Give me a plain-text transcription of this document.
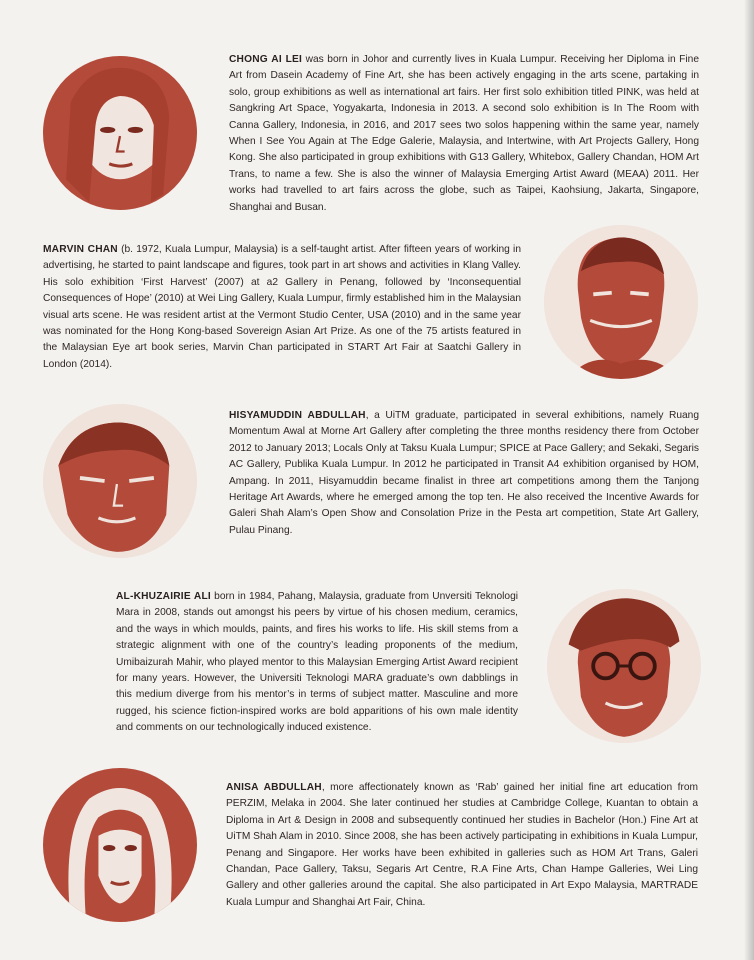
CHONG AI LEI was born in Johor and currently lives in Kuala Lumpur. Receiving her Diploma in Fine Art from Dasein Academy of Fine Art, she has been actively engaging in the arts scene, partaking in solo, group exhibitions as well as international art fairs. Her first solo exhibition titled PINK, was held at Sangkring Art Space, Yogyakarta, Indonesia in 2013. A second solo exhibition is In The Room with Canna Gallery, Indonesia, in 2016, and 2017 sees two solos happening within the same year, namely When I See You Again at The Edge Galerie, Malaysia, and Intertwine, with Art Projects Gallery, Hong Kong. She also participated in group exhibitions with G13 Gallery, Whitebox, Gallery Chandan, HOM Art Trans, to name a few. She is also the winner of Malaysia Emerging Artist Award (MEAA) 2011. Her works had travelled to art fairs across the globe, such as Taipei, Kaohsiung, Jakarta, Singapore, Shanghai and Busan.
MARVIN CHAN (b. 1972, Kuala Lumpur, Malaysia) is a self-taught artist. After fifteen years of working in advertising, he started to paint landscape and figures, took part in art shows and activities in Klang Valley. His solo exhibition ‘First Harvest’ (2007) at a2 Gallery in Penang, followed by ‘Inconsequential Consequences of Hope’ (2010) at Wei Ling Gallery, Kuala Lumpur, firmly established him in the Malaysian visual arts scene. He was resident artist at the Vermont Studio Center, USA (2010) and in the same year was nominated for the Hong Kong-based Sovereign Asian Art Prize. As one of the 75 artists featured in the Malaysian Eye art book series, Marvin Chan participated in START Art Fair at Saatchi Gallery in London (2014).
HISYAMUDDIN ABDULLAH, a UiTM graduate, participated in several exhibitions, namely Ruang Momentum Awal at Morne Art Gallery after completing the three months residency there from October 2012 to January 2013; Locals Only at Taksu Kuala Lumpur; SPICE at Pace Gallery; and Sekaki, Segaris AC Gallery, Publika Kuala Lumpur. In 2012 he participated in Transit A4 exhibition organised by HOM, Ampang. In 2011, Hisyamuddin became finalist in three art competitions among them the Tanjong Heritage Art Awards, where he emerged among the top ten. He also received the Incentive Awards for Galeri Shah Alam’s Open Show and Consolation Prize in the Pesta art competition, State Art Gallery, Pulau Pinang.
AL-KHUZAIRIE ALI born in 1984, Pahang, Malaysia, graduate from Unversiti Teknologi Mara in 2008, stands out amongst his peers by virtue of his chosen medium, ceramics, and the ways in which moulds, paints, and fires his works to life. His skill stems from a strategic alignment with one of the country’s leading proponents of the medium, Umibaizurah Mahir, who played mentor to this Malaysian Emerging Artist Award recipient for many years. However, the Universiti Teknologi MARA graduate’s own dabblings in this medium diverge from his mentor’s in terms of subject matter. Masculine and more rugged, his science fiction-inspired works are bold apparitions of his own male identity and comments on our technologically induced existence.
ANISA ABDULLAH, more affectionately known as ‘Rab’ gained her initial fine art education from PERZIM, Melaka in 2004. She later continued her studies at Cambridge College, Kuantan to obtain a Diploma in Art & Design in 2008 and subsequently continued her studies in Bachelor (Hon.) Fine Art at UiTM Shah Alam in 2010. Since 2008, she has been actively participating in exhibitions in Kuala Lumpur, Penang and Singapore. Her works have been exhibited in galleries such as HOM Art Trans, Galeri Chandan, Pace Gallery, Taksu, Segaris Art Centre, R.A Fine Arts, Chan Hampe Galleries, Wei Ling Gallery and other galleries around the capital. She also participated in Art Expo Malaysia, MARTRADE Kuala Lumpur and Shanghai Art Fair, China.
